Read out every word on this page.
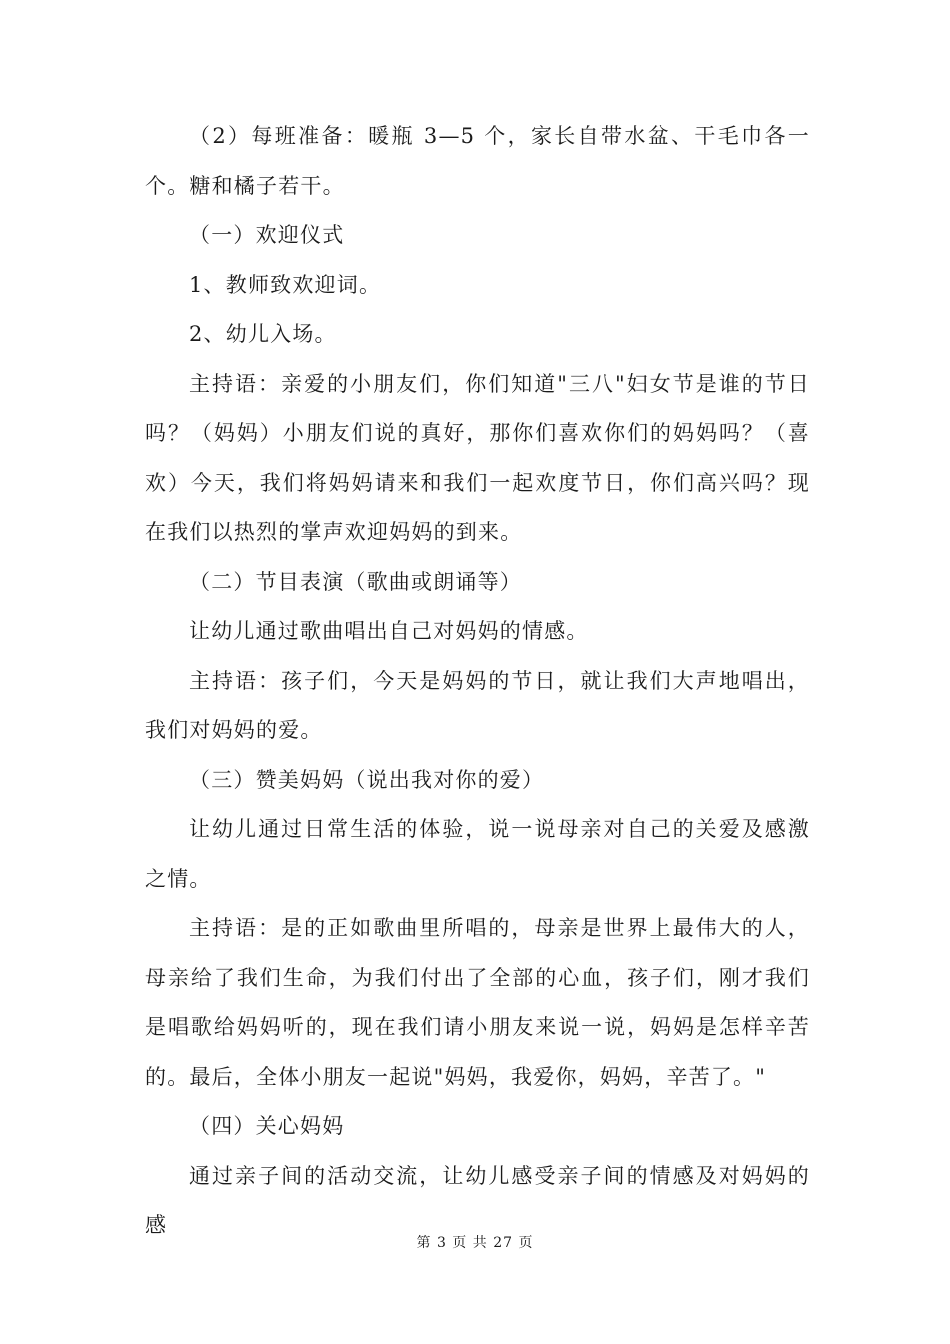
（2）每班准备：暖瓶 3—5 个，家长自带水盆、干毛巾各一个。糖和橘子若干。

（一）欢迎仪式

1、教师致欢迎词。

2、幼儿入场。

主持语：亲爱的小朋友们，你们知道"三八"妇女节是谁的节日吗？（妈妈）小朋友们说的真好，那你们喜欢你们的妈妈吗？（喜欢）今天，我们将妈妈请来和我们一起欢度节日，你们高兴吗？现在我们以热烈的掌声欢迎妈妈的到来。

（二）节目表演（歌曲或朗诵等）

让幼儿通过歌曲唱出自己对妈妈的情感。

主持语：孩子们，今天是妈妈的节日，就让我们大声地唱出，我们对妈妈的爱。

（三）赞美妈妈（说出我对你的爱）

让幼儿通过日常生活的体验，说一说母亲对自己的关爱及感激之情。

主持语：是的正如歌曲里所唱的，母亲是世界上最伟大的人，母亲给了我们生命，为我们付出了全部的心血，孩子们，刚才我们是唱歌给妈妈听的，现在我们请小朋友来说一说，妈妈是怎样辛苦的。最后，全体小朋友一起说"妈妈，我爱你，妈妈，辛苦了。"

（四）关心妈妈

通过亲子间的活动交流，让幼儿感受亲子间的情感及对妈妈的感

第 3 页 共 27 页
